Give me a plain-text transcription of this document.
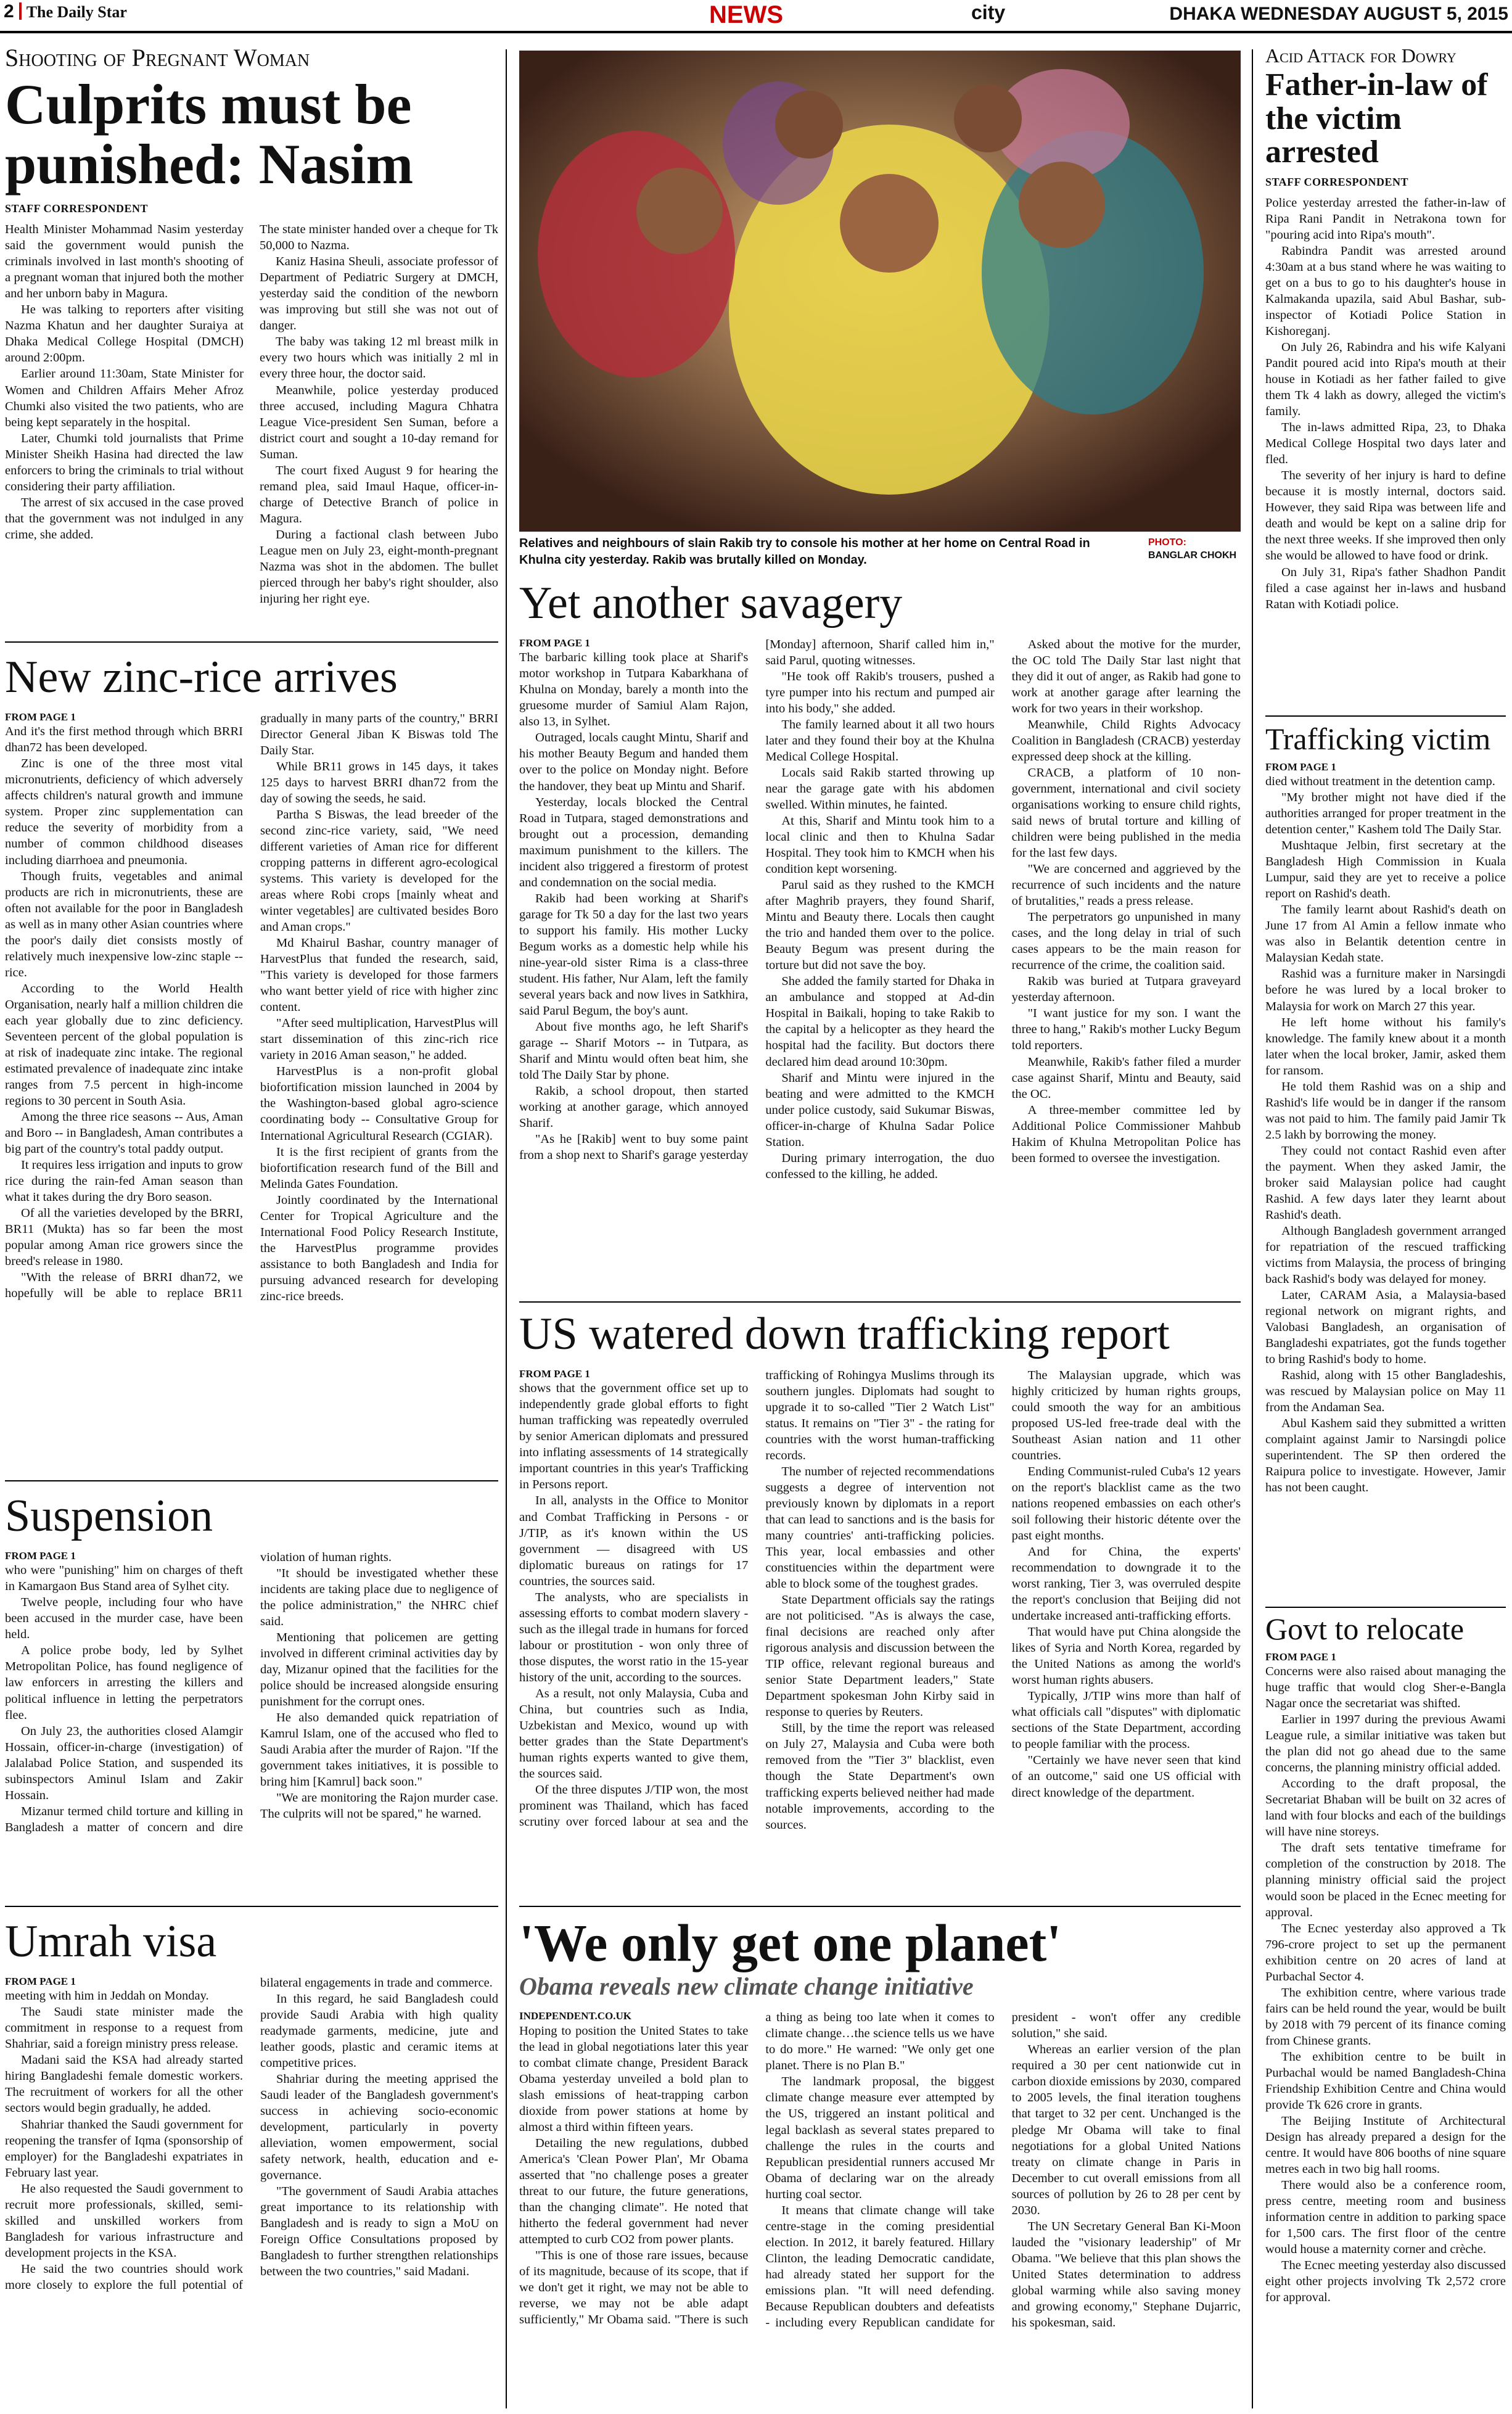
2 The Daily Star	NEWS	city	DHAKA WEDNESDAY AUGUST 5, 2015
Shooting of Pregnant Woman
Culprits must be punished: Nasim
STAFF CORRESPONDENT

Health Minister Mohammad Nasim yesterday said the government would punish the criminals involved in last month's shooting of a pregnant woman that injured both the mother and her unborn baby in Magura.

He was talking to reporters after visiting Nazma Khatun and her daughter Suraiya at Dhaka Medical College Hospital (DMCH) around 2:00pm.

Earlier around 11:30am, State Minister for Women and Children Affairs Meher Afroz Chumki also visited the two patients, who are being kept separately in the hospital.

Later, Chumki told journalists that Prime Minister Sheikh Hasina had directed the law enforcers to bring the criminals to trial without considering their party affiliation.

The arrest of six accused in the case proved that the government was not indulged in any crime, she added.

The state minister handed over a cheque for Tk 50,000 to Nazma.

Kaniz Hasina Sheuli, associate professor of Department of Pediatric Surgery at DMCH, yesterday said the condition of the newborn was improving but still she was not out of danger.

The baby was taking 12 ml breast milk in every two hours which was initially 2 ml in every three hour, the doctor said.

Meanwhile, police yesterday produced three accused, including Magura Chhatra League Vice-president Sen Suman, before a district court and sought a 10-day remand for Suman.

The court fixed August 9 for hearing the remand plea, said Imaul Haque, officer-in-charge of Detective Branch of police in Magura.

During a factional clash between Jubo League men on July 23, eight-month-pregnant Nazma was shot in the abdomen. The bullet pierced through her baby's right shoulder, also injuring her right eye.

New zinc-rice arrives

FROM PAGE 1

And it's the first method through which BRRI dhan72 has been developed.

Zinc is one of the three most vital micronutrients, deficiency of which adversely affects children's natural growth and immune system. Proper zinc supplementation can reduce the severity of morbidity from a number of common childhood diseases including diarrhoea and pneumonia.

Though fruits, vegetables and animal products are rich in micronutrients, these are often not available for the poor in Bangladesh as well as in many other Asian countries where the poor's daily diet consists mostly of relatively much inexpensive low-zinc staple -- rice.

According to the World Health Organisation, nearly half a million children die each year globally due to zinc deficiency. Seventeen percent of the global population is at risk of inadequate zinc intake. The regional estimated prevalence of inadequate zinc intake ranges from 7.5 percent in high-income regions to 30 percent in South Asia.

Among the three rice seasons -- Aus, Aman and Boro -- in Bangladesh, Aman contributes a big part of the country's total paddy output.

It requires less irrigation and inputs to grow rice during the rain-fed Aman season than what it takes during the dry Boro season.

Of all the varieties developed by the BRRI, BR11 (Mukta) has so far been the most popular among Aman rice growers since the breed's release in 1980.

"With the release of BRRI dhan72, we hopefully will be able to replace BR11 gradually in many parts of the country," BRRI Director General Jiban K Biswas told The Daily Star.

While BR11 grows in 145 days, it takes 125 days to harvest BRRI dhan72 from the day of sowing the seeds, he said.

Partha S Biswas, the lead breeder of the second zinc-rice variety, said, "We need different varieties of Aman rice for different cropping patterns in different agro-ecological systems. This variety is developed for the areas where Robi crops [mainly wheat and winter vegetables] are cultivated besides Boro and Aman crops."

Md Khairul Bashar, country manager of HarvestPlus that funded the research, said, "This variety is developed for those farmers who want better yield of rice with higher zinc content.

"After seed multiplication, HarvestPlus will start dissemination of this zinc-rich rice variety in 2016 Aman season," he added.

HarvestPlus is a non-profit global biofortification mission launched in 2004 by the Washington-based global agro-science coordinating body -- Consultative Group for International Agricultural Research (CGIAR).

It is the first recipient of grants from the biofortification research fund of the Bill and Melinda Gates Foundation.

Jointly coordinated by the International Center for Tropical Agriculture and the International Food Policy Research Institute, the HarvestPlus programme provides assistance to both Bangladesh and India for pursuing advanced research for developing zinc-rice breeds.

Suspension

FROM PAGE 1

who were "punishing" him on charges of theft in Kamargaon Bus Stand area of Sylhet city.

Twelve people, including four who have been accused in the murder case, have been held.

A police probe body, led by Sylhet Metropolitan Police, has found negligence of law enforcers in arresting the killers and political influence in letting the perpetrators flee.

On July 23, the authorities closed Alamgir Hossain, officer-in-charge (investigation) of Jalalabad Police Station, and suspended its subinspectors Aminul Islam and Zakir Hossain.

Mizanur termed child torture and killing in Bangladesh a matter of concern and dire violation of human rights.

"It should be investigated whether these incidents are taking place due to negligence of the police administration," the NHRC chief said.

Mentioning that policemen are getting involved in different criminal activities day by day, Mizanur opined that the facilities for the police should be increased alongside ensuring punishment for the corrupt ones.

He also demanded quick repatriation of Kamrul Islam, one of the accused who fled to Saudi Arabia after the murder of Rajon. "If the government takes initiatives, it is possible to bring him [Kamrul] back soon."

"We are monitoring the Rajon murder case. The culprits will not be spared," he warned.

Umrah visa

FROM PAGE 1

meeting with him in Jeddah on Monday.

The Saudi state minister made the commitment in response to a request from Shahriar, said a foreign ministry press release.

Madani said the KSA had already started hiring Bangladeshi female domestic workers. The recruitment of workers for all the other sectors would begin gradually, he added.

Shahriar thanked the Saudi government for reopening the transfer of Iqma (sponsorship of employer) for the Bangladeshi expatriates in February last year.

He also requested the Saudi government to recruit more professionals, skilled, semi-skilled and unskilled workers from Bangladesh for various infrastructure and development projects in the KSA.

He said the two countries should work more closely to explore the full potential of bilateral engagements in trade and commerce.

In this regard, he said Bangladesh could provide Saudi Arabia with high quality readymade garments, medicine, jute and leather goods, plastic and ceramic items at competitive prices.

Shahriar during the meeting apprised the Saudi leader of the Bangladesh government's success in achieving socio-economic development, particularly in poverty alleviation, women empowerment, social safety network, health, education and e-governance.

"The government of Saudi Arabia attaches great importance to its relationship with Bangladesh and is ready to sign a MoU on Foreign Office Consultations proposed by Bangladesh to further strengthen relationships between the two countries," said Madani.

Relatives and neighbours of slain Rakib try to console his mother at her home on Central Road in Khulna city yesterday. Rakib was brutally killed on Monday.
PHOTO:
BANGLAR CHOKH
Yet another savagery

FROM PAGE 1

The barbaric killing took place at Sharif's motor workshop in Tutpara Kabarkhana of Khulna on Monday, barely a month into the gruesome murder of Samiul Alam Rajon, also 13, in Sylhet.

Outraged, locals caught Mintu, Sharif and his mother Beauty Begum and handed them over to the police on Monday night. Before the handover, they beat up Mintu and Sharif.

Yesterday, locals blocked the Central Road in Tutpara, staged demonstrations and brought out a procession, demanding maximum punishment to the killers. The incident also triggered a firestorm of protest and condemnation on the social media.

Rakib had been working at Sharif's garage for Tk 50 a day for the last two years to support his family. His mother Lucky Begum works as a domestic help while his nine-year-old sister Rima is a class-three student. His father, Nur Alam, left the family several years back and now lives in Satkhira, said Parul Begum, the boy's aunt.

About five months ago, he left Sharif's garage -- Sharif Motors -- in Tutpara, as Sharif and Mintu would often beat him, she told The Daily Star by phone.

Rakib, a school dropout, then started working at another garage, which annoyed Sharif.

"As he [Rakib] went to buy some paint from a shop next to Sharif's garage yesterday [Monday] afternoon, Sharif called him in," said Parul, quoting witnesses.

"He took off Rakib's trousers, pushed a tyre pumper into his rectum and pumped air into his body," she added.

The family learned about it all two hours later and they found their boy at the Khulna Medical College Hospital.

Locals said Rakib started throwing up near the garage gate with his abdomen swelled. Within minutes, he fainted.

At this, Sharif and Mintu took him to a local clinic and then to Khulna Sadar Hospital. They took him to KMCH when his condition kept worsening.

Parul said as they rushed to the KMCH after Maghrib prayers, they found Sharif, Mintu and Beauty there. Locals then caught the trio and handed them over to the police. Beauty Begum was present during the torture but did not save the boy.

She added the family started for Dhaka in an ambulance and stopped at Ad-din Hospital in Baikali, hoping to take Rakib to the capital by a helicopter as they heard the hospital had the facility. But doctors there declared him dead around 10:30pm.

Sharif and Mintu were injured in the beating and were admitted to the KMCH under police custody, said Sukumar Biswas, officer-in-charge of Khulna Sadar Police Station.

During primary interrogation, the duo confessed to the killing, he added.

Asked about the motive for the murder, the OC told The Daily Star last night that they did it out of anger, as Rakib had gone to work at another garage after learning the work for two years in their workshop.

Meanwhile, Child Rights Advocacy Coalition in Bangladesh (CRACB) yesterday expressed deep shock at the killing.

CRACB, a platform of 10 non-government, international and civil society organisations working to ensure child rights, said news of brutal torture and killing of children were being published in the media for the last few days.

"We are concerned and aggrieved by the recurrence of such incidents and the nature of brutalities," reads a press release.

The perpetrators go unpunished in many cases, and the long delay in trial of such cases appears to be the main reason for recurrence of the crime, the coalition said.

Rakib was buried at Tutpara graveyard yesterday afternoon.

"I want justice for my son. I want the three to hang," Rakib's mother Lucky Begum told reporters.

Meanwhile, Rakib's father filed a murder case against Sharif, Mintu and Beauty, said the OC.

A three-member committee led by Additional Police Commissioner Mahbub Hakim of Khulna Metropolitan Police has been formed to oversee the investigation.

US watered down trafficking report

FROM PAGE 1

shows that the government office set up to independently grade global efforts to fight human trafficking was repeatedly overruled by senior American diplomats and pressured into inflating assessments of 14 strategically important countries in this year's Trafficking in Persons report.

In all, analysts in the Office to Monitor and Combat Trafficking in Persons - or J/TIP, as it's known within the US government — disagreed with US diplomatic bureaus on ratings for 17 countries, the sources said.

The analysts, who are specialists in assessing efforts to combat modern slavery - such as the illegal trade in humans for forced labour or prostitution - won only three of those disputes, the worst ratio in the 15-year history of the unit, according to the sources.

As a result, not only Malaysia, Cuba and China, but countries such as India, Uzbekistan and Mexico, wound up with better grades than the State Department's human rights experts wanted to give them, the sources said.

Of the three disputes J/TIP won, the most prominent was Thailand, which has faced scrutiny over forced labour at sea and the trafficking of Rohingya Muslims through its southern jungles. Diplomats had sought to upgrade it to so-called "Tier 2 Watch List" status. It remains on "Tier 3" - the rating for countries with the worst human-trafficking records.

The number of rejected recommendations suggests a degree of intervention not previously known by diplomats in a report that can lead to sanctions and is the basis for many countries' anti-trafficking policies. This year, local embassies and other constituencies within the department were able to block some of the toughest grades.

State Department officials say the ratings are not politicised. "As is always the case, final decisions are reached only after rigorous analysis and discussion between the TIP office, relevant regional bureaus and senior State Department leaders," State Department spokesman John Kirby said in response to queries by Reuters.

Still, by the time the report was released on July 27, Malaysia and Cuba were both removed from the "Tier 3" blacklist, even though the State Department's own trafficking experts believed neither had made notable improvements, according to the sources.

The Malaysian upgrade, which was highly criticized by human rights groups, could smooth the way for an ambitious proposed US-led free-trade deal with the Southeast Asian nation and 11 other countries.

Ending Communist-ruled Cuba's 12 years on the report's blacklist came as the two nations reopened embassies on each other's soil following their historic détente over the past eight months.

And for China, the experts' recommendation to downgrade it to the worst ranking, Tier 3, was overruled despite the report's conclusion that Beijing did not undertake increased anti-trafficking efforts.

That would have put China alongside the likes of Syria and North Korea, regarded by the United Nations as among the world's worst human rights abusers.

Typically, J/TIP wins more than half of what officials call "disputes" with diplomatic sections of the State Department, according to people familiar with the process.

"Certainly we have never seen that kind of an outcome," said one US official with direct knowledge of the department.

'We only get one planet'
Obama reveals new climate change initiative

INDEPENDENT.CO.UK

Hoping to position the United States to take the lead in global negotiations later this year to combat climate change, President Barack Obama yesterday unveiled a bold plan to slash emissions of heat-trapping carbon dioxide from power stations at home by almost a third within fifteen years.

Detailing the new regulations, dubbed America's 'Clean Power Plan', Mr Obama asserted that "no challenge poses a greater threat to our future, the future generations, than the changing climate". He noted that hitherto the federal government had never attempted to curb CO2 from power plants.

"This is one of those rare issues, because of its magnitude, because of its scope, that if we don't get it right, we may not be able to reverse, we may not be able adapt sufficiently," Mr Obama said. "There is such a thing as being too late when it comes to climate change…the science tells us we have to do more." He warned: "We only get one planet. There is no Plan B."

The landmark proposal, the biggest climate change measure ever attempted by the US, triggered an instant political and legal backlash as several states prepared to challenge the rules in the courts and Republican presidential runners accused Mr Obama of declaring war on the already hurting coal sector.

It means that climate change will take centre-stage in the coming presidential election. In 2012, it barely featured. Hillary Clinton, the leading Democratic candidate, had already stated her support for the emissions plan. "It will need defending. Because Republican doubters and defeatists - including every Republican candidate for president - won't offer any credible solution," she said.

Whereas an earlier version of the plan required a 30 per cent nationwide cut in carbon dioxide emissions by 2030, compared to 2005 levels, the final iteration toughens that target to 32 per cent. Unchanged is the pledge Mr Obama will take to final negotiations for a global United Nations treaty on climate change in Paris in December to cut overall emissions from all sources of pollution by 26 to 28 per cent by 2030.

The UN Secretary General Ban Ki-Moon lauded the "visionary leadership" of Mr Obama. "We believe that this plan shows the United States determination to address global warming while also saving money and growing economy," Stephane Dujarric, his spokesman, said.

Acid Attack for Dowry
Father-in-law of the victim arrested
STAFF CORRESPONDENT

Police yesterday arrested the father-in-law of Ripa Rani Pandit in Netrakona town for "pouring acid into Ripa's mouth".

Rabindra Pandit was arrested around 4:30am at a bus stand where he was waiting to get on a bus to go to his daughter's house in Kalmakanda upazila, said Abul Bashar, sub-inspector of Kotiadi Police Station in Kishoreganj.

On July 26, Rabindra and his wife Kalyani Pandit poured acid into Ripa's mouth at their house in Kotiadi as her father failed to give them Tk 4 lakh as dowry, alleged the victim's family.

The in-laws admitted Ripa, 23, to Dhaka Medical College Hospital two days later and fled.

The severity of her injury is hard to define because it is mostly internal, doctors said. However, they said Ripa was between life and death and would be kept on a saline drip for the next three weeks. If she improved then only she would be allowed to have food or drink.

On July 31, Ripa's father Shadhon Pandit filed a case against her in-laws and husband Ratan with Kotiadi police.

Trafficking victim

FROM PAGE 1

died without treatment in the detention camp.

"My brother might not have died if the authorities arranged for proper treatment in the detention center," Kashem told The Daily Star.

Mushtaque Jelbin, first secretary at the Bangladesh High Commission in Kuala Lumpur, said they are yet to receive a police report on Rashid's death.

The family learnt about Rashid's death on June 17 from Al Amin a fellow inmate who was also in Belantik detention centre in Malaysian Kedah state.

Rashid was a furniture maker in Narsingdi before he was lured by a local broker to Malaysia for work on March 27 this year.

He left home without his family's knowledge. The family knew about it a month later when the local broker, Jamir, asked them for ransom.

He told them Rashid was on a ship and Rashid's life would be in danger if the ransom was not paid to him. The family paid Jamir Tk 2.5 lakh by borrowing the money.

They could not contact Rashid even after the payment. When they asked Jamir, the broker said Malaysian police had caught Rashid. A few days later they learnt about Rashid's death.

Although Bangladesh government arranged for repatriation of the rescued trafficking victims from Malaysia, the process of bringing back Rashid's body was delayed for money.

Later, CARAM Asia, a Malaysia-based regional network on migrant rights, and Valobasi Bangladesh, an organisation of Bangladeshi expatriates, got the funds together to bring Rashid's body to home.

Rashid, along with 15 other Bangladeshis, was rescued by Malaysian police on May 11 from the Andaman Sea.

Abul Kashem said they submitted a written complaint against Jamir to Narsingdi police superintendent. The SP then ordered the Raipura police to investigate. However, Jamir has not been caught.

Govt to relocate

FROM PAGE 1

Concerns were also raised about managing the huge traffic that would clog Sher-e-Bangla Nagar once the secretariat was shifted.

Earlier in 1997 during the previous Awami League rule, a similar initiative was taken but the plan did not go ahead due to the same concerns, the planning ministry official added.

According to the draft proposal, the Secretariat Bhaban will be built on 32 acres of land with four blocks and each of the buildings will have nine storeys.

The draft sets tentative timeframe for completion of the construction by 2018. The planning ministry official said the project would soon be placed in the Ecnec meeting for approval.

The Ecnec yesterday also approved a Tk 796-crore project to set up the permanent exhibition centre on 20 acres of land at Purbachal Sector 4.

The exhibition centre, where various trade fairs can be held round the year, would be built by 2018 with 79 percent of its finance coming from Chinese grants.

The exhibition centre to be built in Purbachal would be named Bangladesh-China Friendship Exhibition Centre and China would provide Tk 626 crore in grants.

The Beijing Institute of Architectural Design has already prepared a design for the centre. It would have 806 booths of nine square metres each in two big hall rooms.

There would also be a conference room, press centre, meeting room and business information centre in addition to parking space for 1,500 cars. The first floor of the centre would house a maternity corner and crèche.

The Ecnec meeting yesterday also discussed eight other projects involving Tk 2,572 crore for approval.
